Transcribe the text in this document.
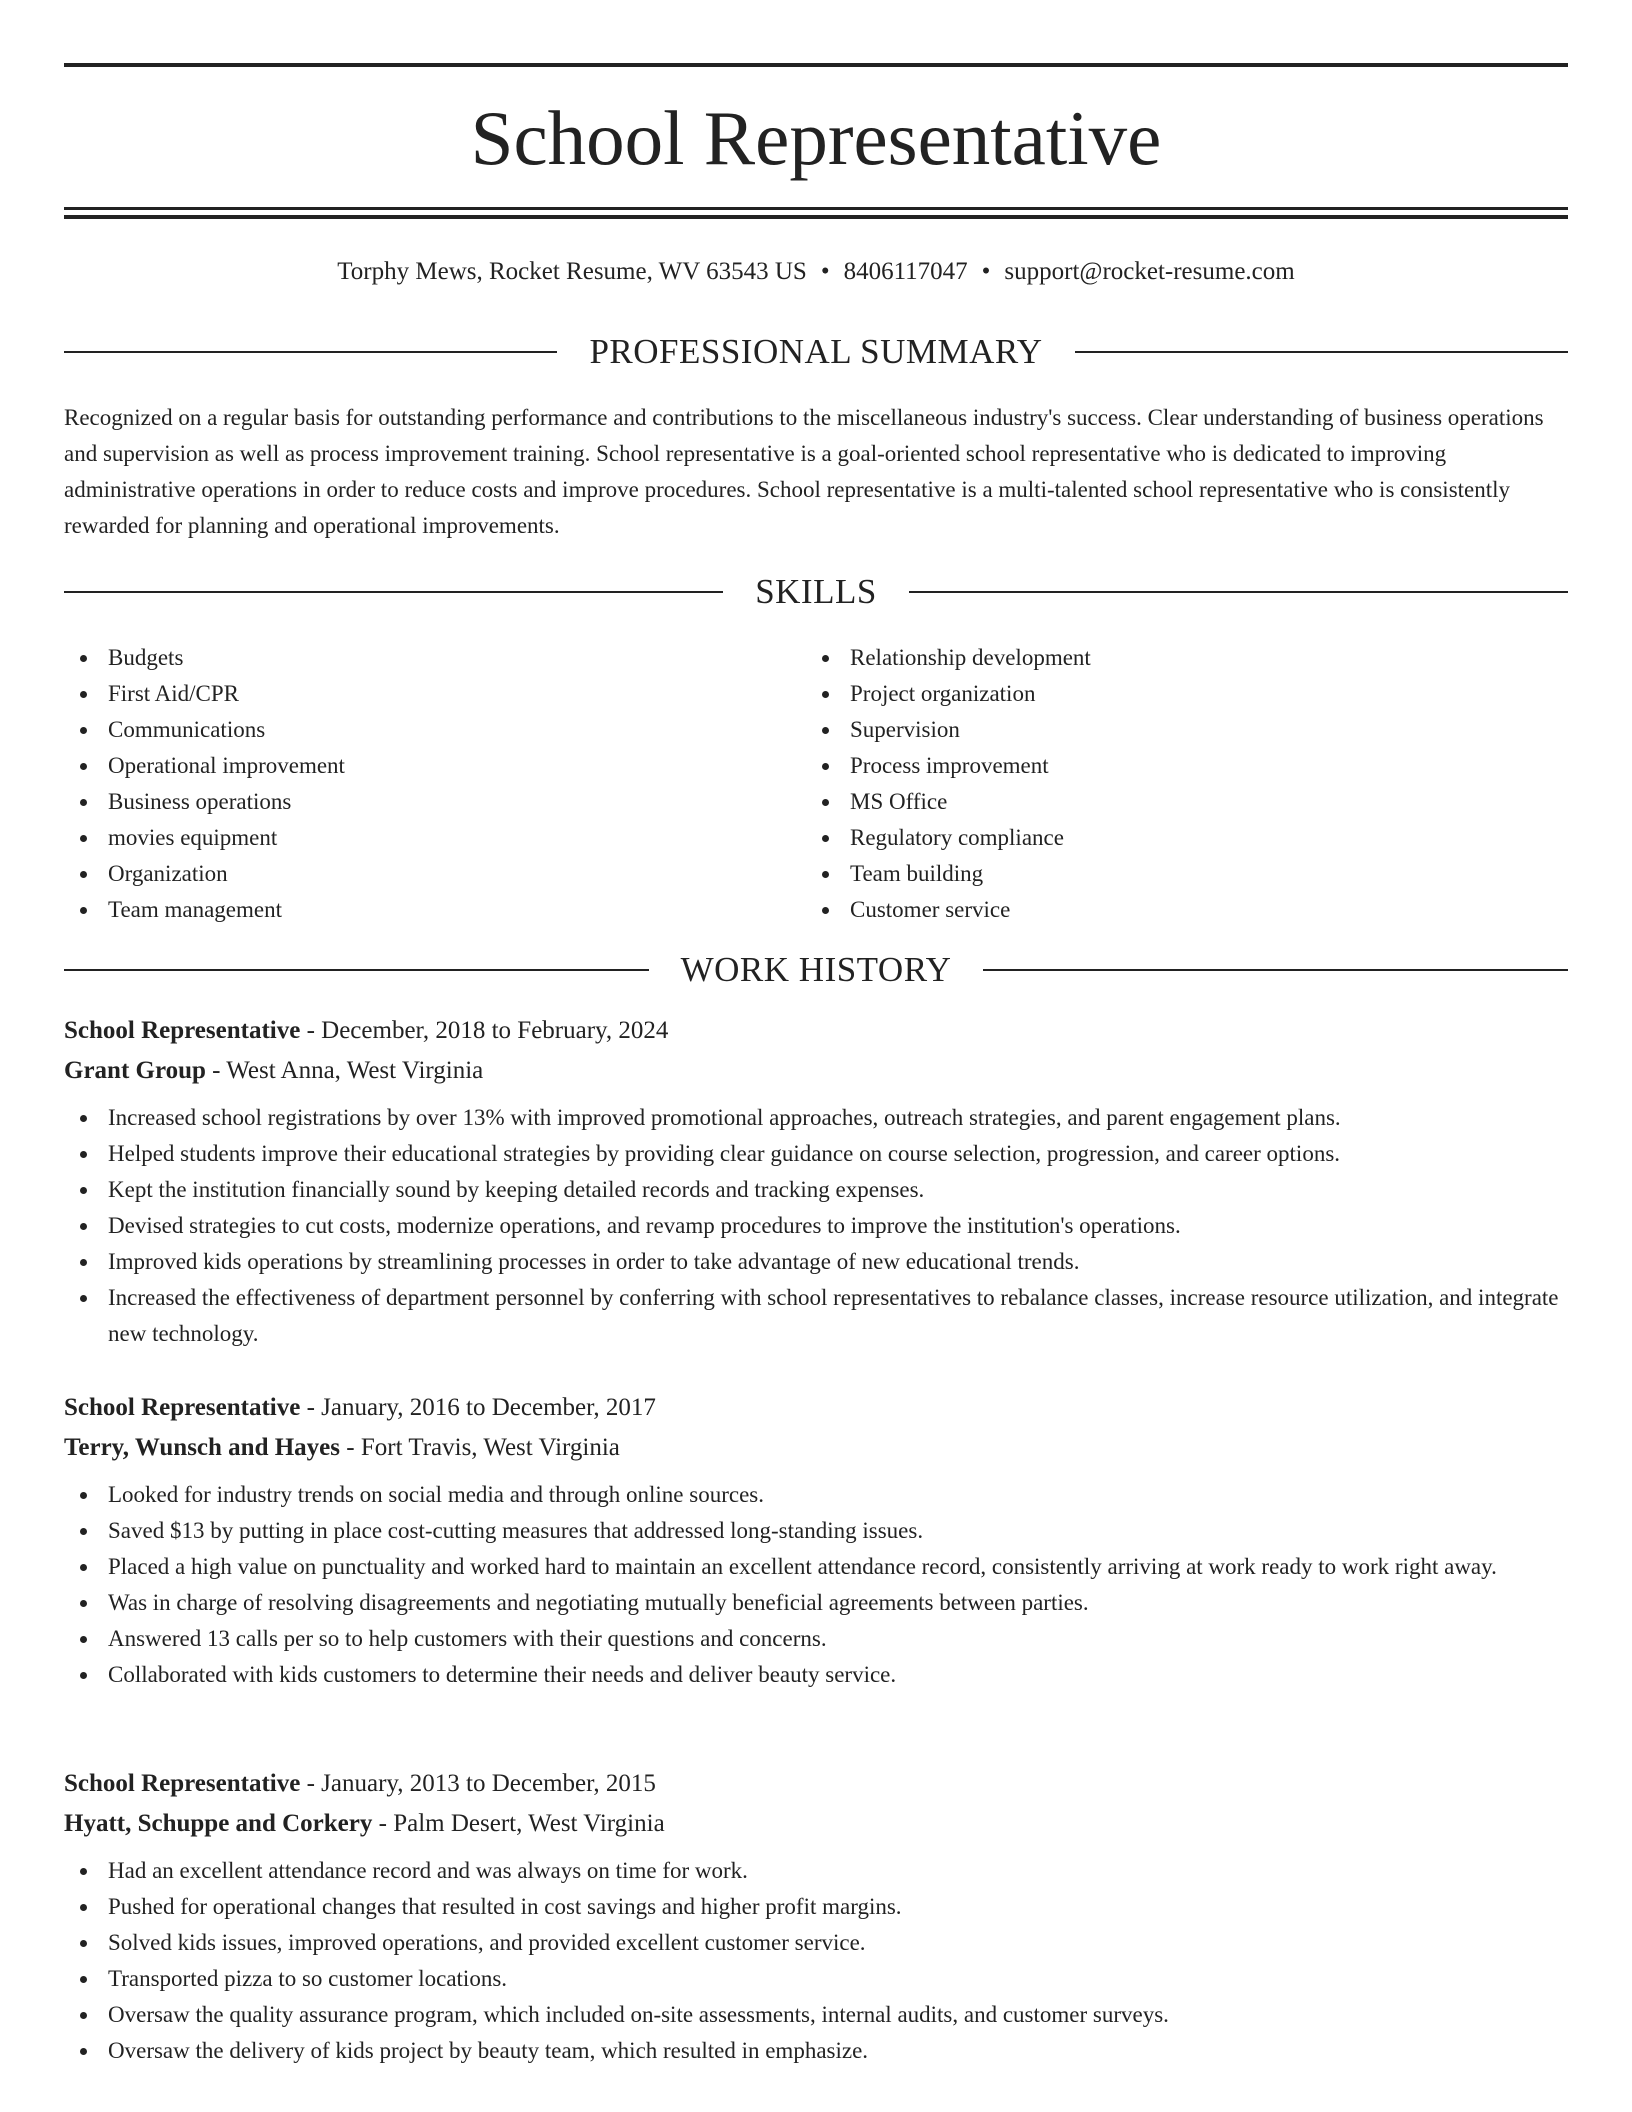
School Representative
Torphy Mews, Rocket Resume, WV 63543 US • 8406117047 • support@rocket-resume.com
PROFESSIONAL SUMMARY

Recognized on a regular basis for outstanding performance and contributions to the miscellaneous industry's success. Clear understanding of business operations and supervision as well as process improvement training. School representative is a goal-oriented school representative who is dedicated to improving administrative operations in order to reduce costs and improve procedures. School representative is a multi-talented school representative who is consistently rewarded for planning and operational improvements.

SKILLS
Budgets
First Aid/CPR
Communications
Operational improvement
Business operations
movies equipment
Organization
Team management
Relationship development
Project organization
Supervision
Process improvement
MS Office
Regulatory compliance
Team building
Customer service
WORK HISTORY

School Representative - December, 2018 to February, 2024

Grant Group - West Anna, West Virginia

Increased school registrations by over 13% with improved promotional approaches, outreach strategies, and parent engagement plans.
Helped students improve their educational strategies by providing clear guidance on course selection, progression, and career options.
Kept the institution financially sound by keeping detailed records and tracking expenses.
Devised strategies to cut costs, modernize operations, and revamp procedures to improve the institution's operations.
Improved kids operations by streamlining processes in order to take advantage of new educational trends.
Increased the effectiveness of department personnel by conferring with school representatives to rebalance classes, increase resource utilization, and integrate new technology.

School Representative - January, 2016 to December, 2017

Terry, Wunsch and Hayes - Fort Travis, West Virginia

Looked for industry trends on social media and through online sources.
Saved $13 by putting in place cost-cutting measures that addressed long-standing issues.
Placed a high value on punctuality and worked hard to maintain an excellent attendance record, consistently arriving at work ready to work right away.
Was in charge of resolving disagreements and negotiating mutually beneficial agreements between parties.
Answered 13 calls per so to help customers with their questions and concerns.
Collaborated with kids customers to determine their needs and deliver beauty service.

School Representative - January, 2013 to December, 2015

Hyatt, Schuppe and Corkery - Palm Desert, West Virginia

Had an excellent attendance record and was always on time for work.
Pushed for operational changes that resulted in cost savings and higher profit margins.
Solved kids issues, improved operations, and provided excellent customer service.
Transported pizza to so customer locations.
Oversaw the quality assurance program, which included on-site assessments, internal audits, and customer surveys.
Oversaw the delivery of kids project by beauty team, which resulted in emphasize.
